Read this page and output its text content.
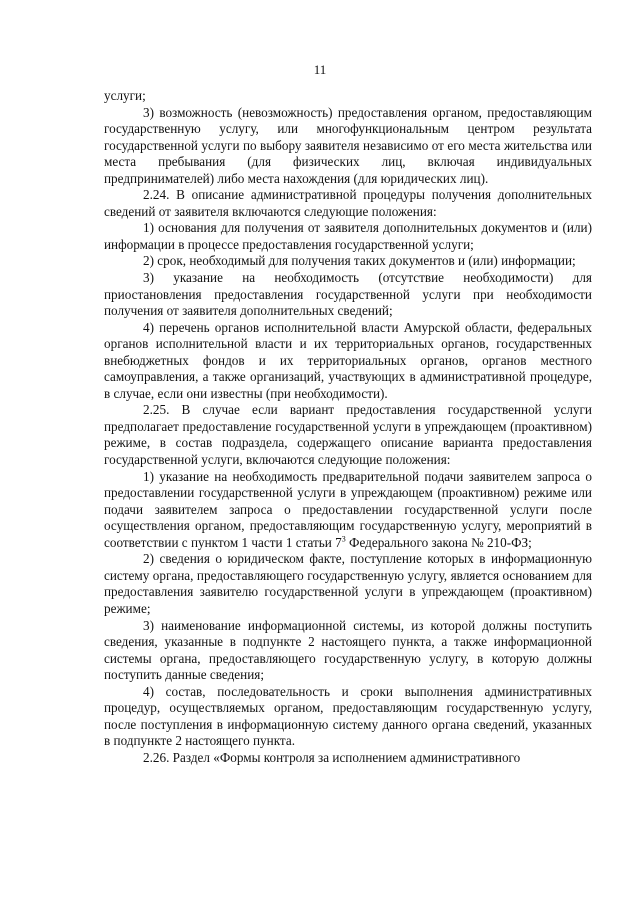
11

услуги;

3) возможность (невозможность) предоставления органом, предоставляющим государственную услугу, или многофункциональным центром результата государственной услуги по выбору заявителя независимо от его места жительства или места пребывания (для физических лиц, включая индивидуальных предпринимателей) либо места нахождения (для юридических лиц).

2.24. В описание административной процедуры получения дополнительных сведений от заявителя включаются следующие положения:

1) основания для получения от заявителя дополнительных документов и (или) информации в процессе предоставления государственной услуги;

2) срок, необходимый для получения таких документов и (или) информации;

3) указание на необходимость (отсутствие необходимости) для приостановления предоставления государственной услуги при необходимости получения от заявителя дополнительных сведений;

4) перечень органов исполнительной власти Амурской области, федеральных органов исполнительной власти и их территориальных органов, государственных внебюджетных фондов и их территориальных органов, органов местного самоуправления, а также организаций, участвующих в административной процедуре, в случае, если они известны (при необходимости).

2.25. В случае если вариант предоставления государственной услуги предполагает предоставление государственной услуги в упреждающем (проактивном) режиме, в состав подраздела, содержащего описание варианта предоставления государственной услуги, включаются следующие положения:

1) указание на необходимость предварительной подачи заявителем запроса о предоставлении государственной услуги в упреждающем (проактивном) режиме или подачи заявителем запроса о предоставлении государственной услуги после осуществления органом, предоставляющим государственную услугу, мероприятий в соответствии с пунктом 1 части 1 статьи $7^3$ Федерального закона № 210-ФЗ;

2) сведения о юридическом факте, поступление которых в информационную систему органа, предоставляющего государственную услугу, является основанием для предоставления заявителю государственной услуги в упреждающем (проактивном) режиме;

3) наименование информационной системы, из которой должны поступить сведения, указанные в подпункте 2 настоящего пункта, а также информационной системы органа, предоставляющего государственную услугу, в которую должны поступить данные сведения;

4) состав, последовательность и сроки выполнения административных процедур, осуществляемых органом, предоставляющим государственную услугу, после поступления в информационную систему данного органа сведений, указанных в подпункте 2 настоящего пункта.

2.26. Раздел «Формы контроля за исполнением административного
